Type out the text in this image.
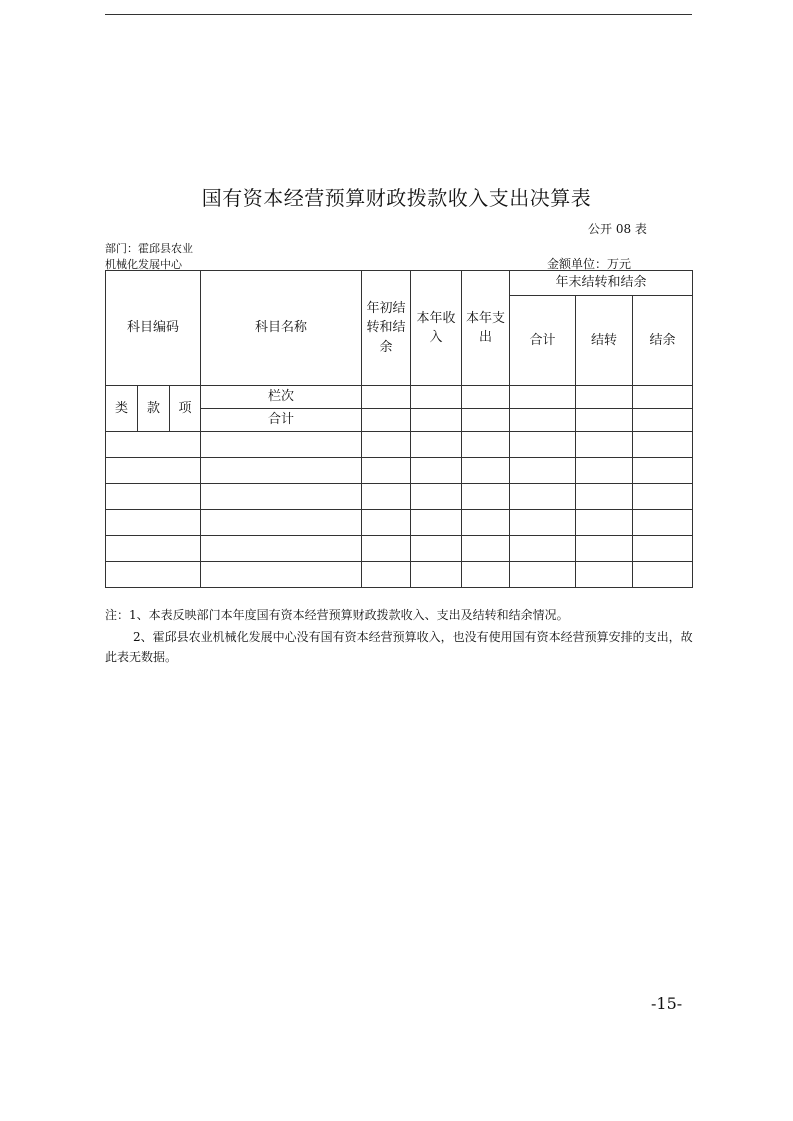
国有资本经营预算财政拨款收入支出决算表
公开 08 表
部门：霍邱县农业
机械化发展中心	金额单位：万元
科目编码			科目名称	年初结转和结余	本年收入	本年支出	年末结转和结余		
							合计	结转	结余
类	款	项	栏次						
			合计						

注：1、本表反映部门本年度国有资本经营预算财政拨款收入、支出及结转和结余情况。
2、霍邱县农业机械化发展中心没有国有资本经营预算收入，也没有使用国有资本经营预算安排的支出，故此表无数据。
-15-
